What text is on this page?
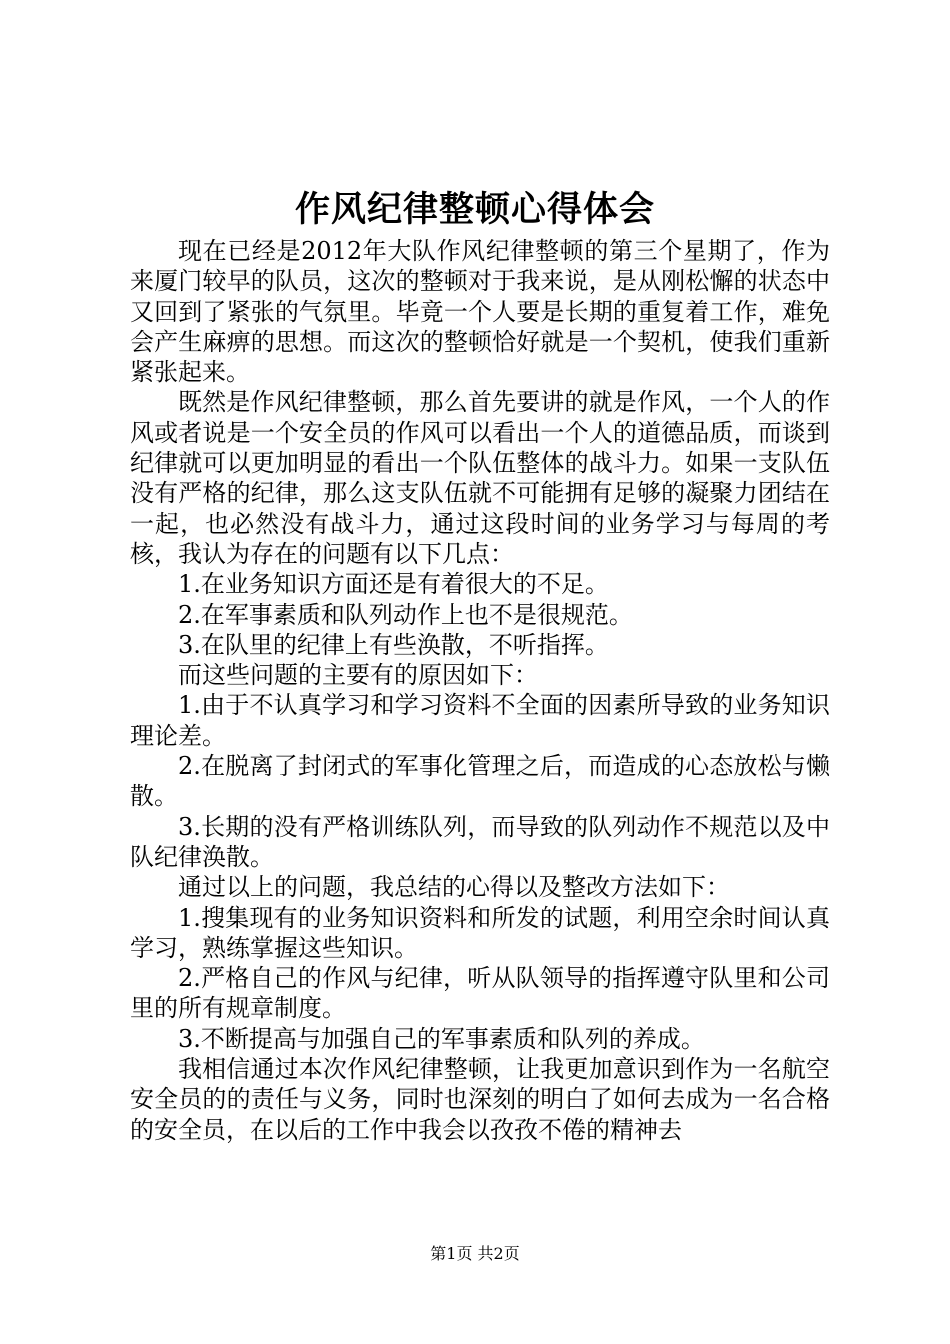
作风纪律整顿心得体会

现在已经是2012年大队作风纪律整顿的第三个星期了，作为来厦门较早的队员，这次的整顿对于我来说，是从刚松懈的状态中又回到了紧张的气氛里。毕竟一个人要是长期的重复着工作，难免会产生麻痹的思想。而这次的整顿恰好就是一个契机，使我们重新紧张起来。

既然是作风纪律整顿，那么首先要讲的就是作风，一个人的作风或者说是一个安全员的作风可以看出一个人的道德品质，而谈到纪律就可以更加明显的看出一个队伍整体的战斗力。如果一支队伍没有严格的纪律，那么这支队伍就不可能拥有足够的凝聚力团结在一起，也必然没有战斗力，通过这段时间的业务学习与每周的考核，我认为存在的问题有以下几点：

1.在业务知识方面还是有着很大的不足。

2.在军事素质和队列动作上也不是很规范。

3.在队里的纪律上有些涣散，不听指挥。

而这些问题的主要有的原因如下：

1.由于不认真学习和学习资料不全面的因素所导致的业务知识理论差。

2.在脱离了封闭式的军事化管理之后，而造成的心态放松与懒散。

3.长期的没有严格训练队列，而导致的队列动作不规范以及中队纪律涣散。

通过以上的问题，我总结的心得以及整改方法如下：

1.搜集现有的业务知识资料和所发的试题，利用空余时间认真学习，熟练掌握这些知识。

2.严格自己的作风与纪律，听从队领导的指挥遵守队里和公司里的所有规章制度。

3.不断提高与加强自己的军事素质和队列的养成。

我相信通过本次作风纪律整顿，让我更加意识到作为一名航空安全员的的责任与义务，同时也深刻的明白了如何去成为一名合格的安全员，在以后的工作中我会以孜孜不倦的精神去

第1页 共2页
